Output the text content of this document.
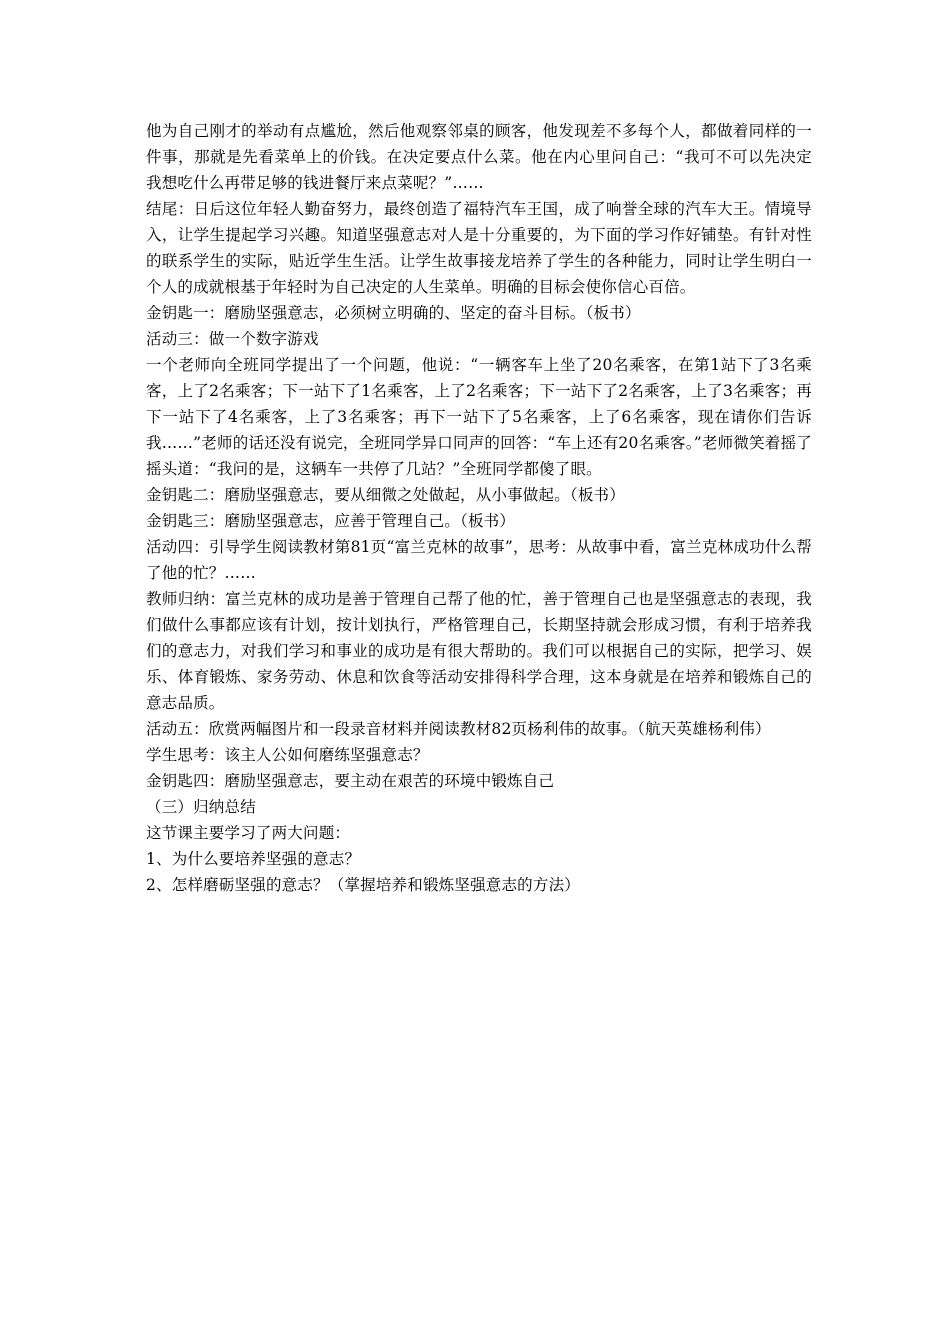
他为自己刚才的举动有点尴尬，然后他观察邻桌的顾客，他发现差不多每个人，都做着同样的一件事，那就是先看菜单上的价钱。在决定要点什么菜。他在内心里问自己：“我可不可以先决定我想吃什么再带足够的钱进餐厅来点菜呢？”……

结尾：日后这位年轻人勤奋努力，最终创造了福特汽车王国，成了响誉全球的汽车大王。情境导入，让学生提起学习兴趣。知道坚强意志对人是十分重要的，为下面的学习作好铺垫。有针对性的联系学生的实际，贴近学生生活。让学生故事接龙培养了学生的各种能力，同时让学生明白一个人的成就根基于年轻时为自己决定的人生菜单。明确的目标会使你信心百倍。

金钥匙一：磨励坚强意志，必须树立明确的、坚定的奋斗目标。（板书）

活动三：做一个数字游戏

一个老师向全班同学提出了一个问题，他说：“一辆客车上坐了20名乘客，在第1站下了3名乘客，上了2名乘客；下一站下了1名乘客，上了2名乘客；下一站下了2名乘客，上了3名乘客；再下一站下了4名乘客，上了3名乘客；再下一站下了5名乘客，上了6名乘客，现在请你们告诉我……”老师的话还没有说完，全班同学异口同声的回答：“车上还有20名乘客。”老师微笑着摇了摇头道：“我问的是，这辆车一共停了几站？”全班同学都傻了眼。

金钥匙二：磨励坚强意志，要从细微之处做起，从小事做起。（板书）

金钥匙三：磨励坚强意志，应善于管理自己。（板书）

活动四：引导学生阅读教材第81页“富兰克林的故事”，思考：从故事中看，富兰克林成功什么帮了他的忙？……

教师归纳：富兰克林的成功是善于管理自己帮了他的忙，善于管理自己也是坚强意志的表现，我们做什么事都应该有计划，按计划执行，严格管理自己，长期坚持就会形成习惯，有利于培养我们的意志力，对我们学习和事业的成功是有很大帮助的。我们可以根据自己的实际，把学习、娱乐、体育锻炼、家务劳动、休息和饮食等活动安排得科学合理，这本身就是在培养和锻炼自己的意志品质。

活动五：欣赏两幅图片和一段录音材料并阅读教材82页杨利伟的故事。（航天英雄杨利伟）

学生思考：该主人公如何磨练坚强意志？

金钥匙四：磨励坚强意志，要主动在艰苦的环境中锻炼自己

（三）归纳总结

这节课主要学习了两大问题：

1、为什么要培养坚强的意志？

2、怎样磨砺坚强的意志？（掌握培养和锻炼坚强意志的方法）
